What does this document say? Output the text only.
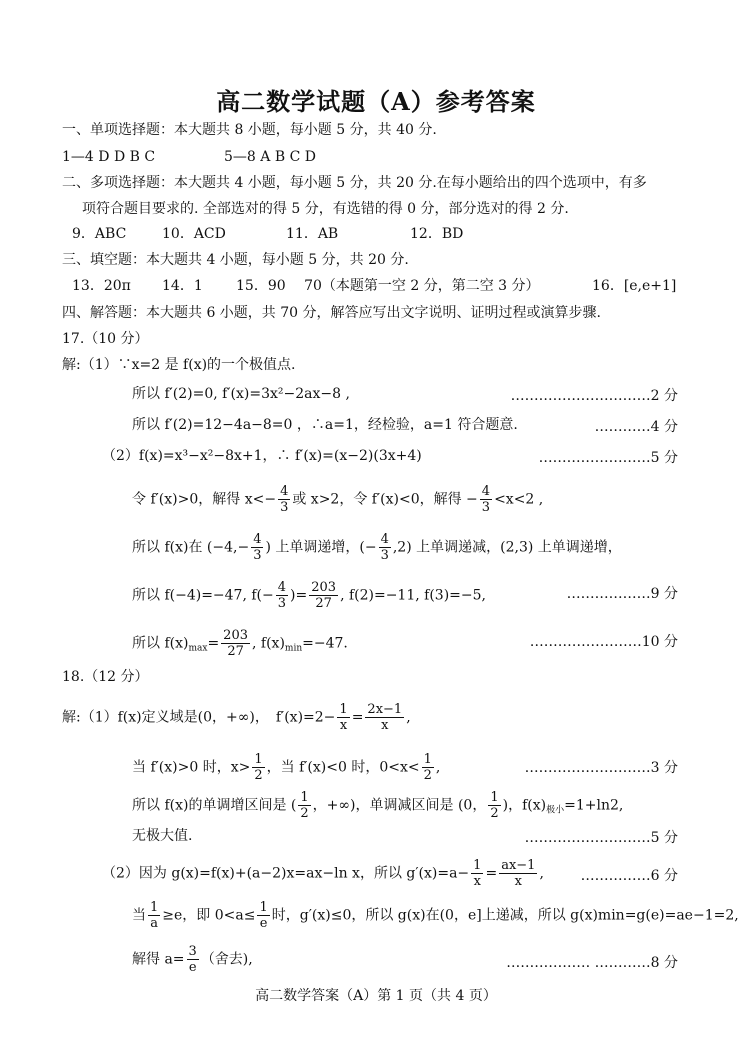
高二数学试题（A）参考答案
一、单项选择题：本大题共 8 小题，每小题 5 分，共 40 分.
1—4 D D B C	5—8 A B C D
二、多项选择题：本大题共 4 小题，每小题 5 分，共 20 分.在每小题给出的四个选项中，有多
项符合题目要求的. 全部选对的得 5 分，有选错的得 0 分，部分选对的得 2 分.
9．ABC	10．ACD	11．AB	12．BD
三、填空题：本大题共 4 小题，每小题 5 分，共 20 分.
13．20π 14．1 15．90　 70（本题第一空 2 分，第二空 3 分）	16．[e,e+1]
四、解答题：本大题共 6 小题，共 70 分，解答应写出文字说明、证明过程或演算步骤.
17.（10 分）
解:（1）∵x=2 是 f(x)的一个极值点.
所以 f′(2)=0, f′(x)=3x²−2ax−8 ,	…………………………2 分
所以 f′(2)=12−4a−8=0 ，∴a=1，经检验，a=1 符合题意.	…………4 分
（2）f(x)=x³−x²−8x+1，∴ f′(x)=(x−2)(3x+4)	……………………5 分
令 f′(x)>0，解得 $x<- \frac{4}{3}$ 或 x>2，令 f′(x)<0，解得 − $\frac{4}{3} <x<2$ ,
所以 f(x)在 ($-4,- \frac{4}{3}$ ) 上单调递增，(− $\frac{4}{3} ,2$) 上单调递减，(2,3) 上单调递增，
所以 f(−4)=−47, $f(- \frac{4}{3}$ )= $\frac{203}{27}$ , f(2)=−11, f(3)=−5,	………………9 分
所以 $f(x)_{max}= \frac{203}{27}$ , $f(x)_{min}=-47$.	……………………10 分
18.（12 分）
解:（1）f(x)定义域是(0，+∞)，　$f'(x)=2- \frac{1}{x} = \frac{2x-1}{x}$ ,
当 f′(x)>0 时，$x> \frac{1}{2}$ ，当 f′(x)<0 时，$0<x< \frac{1}{2}$ ,	………………………3 分
所以 f(x)的单调增区间是 ( $\frac{1}{2}$ ，+∞)，单调减区间是 (0， $\frac{1}{2}$ )，$f(x)_{极小}=1+\ln 2$,
无极大值.	………………………5 分
（2）因为 g(x)=f(x)+(a−2)x=ax−ln x，所以 $g'(x)=a- \frac{1}{x} = \frac{ax-1}{x}$ ,	……………6 分
当 $\frac{1}{a} \ge e$，即 $0<a\le \frac{1}{e}$ 时，g′(x)≤0，所以 g(x)在(0，e]上递减，所以 g(x)min=g(e)=ae−1=2,
解得 $a= \frac{3}{e}$ （舍去),	……………… …………8 分
高二数学答案（A）第 1 页（共 4 页）
